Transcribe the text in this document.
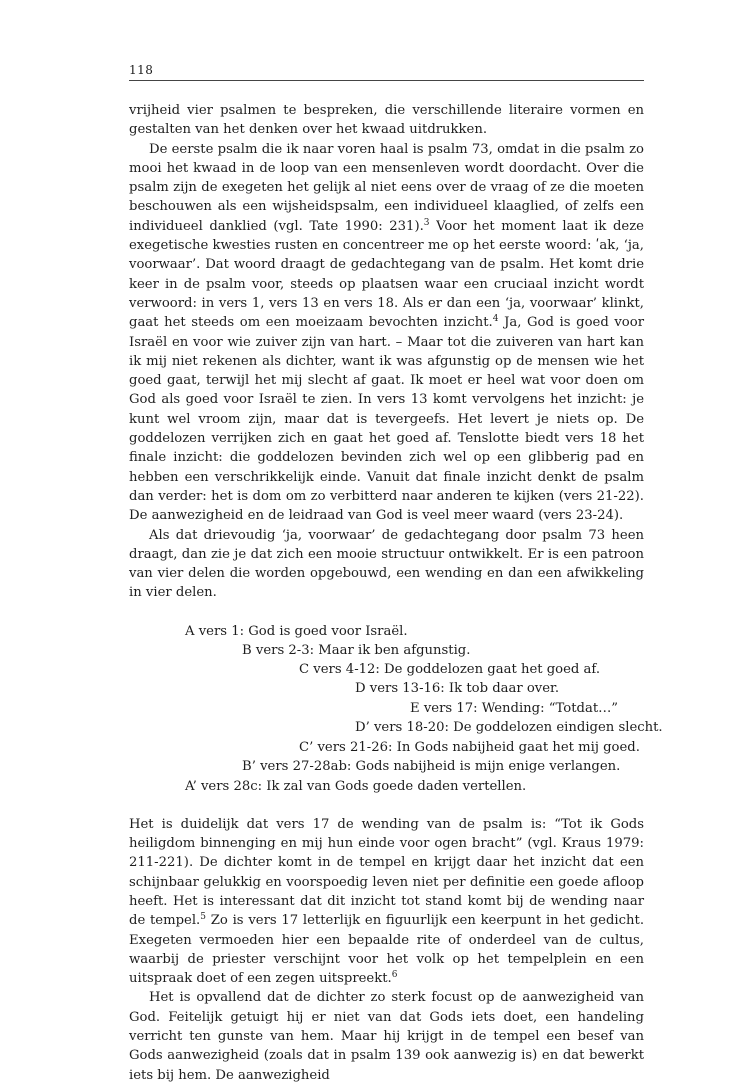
118

vrijheid vier psalmen te bespreken, die verschillende literaire vormen en gestalten van het denken over het kwaad uitdrukken.

De eerste psalm die ik naar voren haal is psalm 73, omdat in die psalm zo mooi het kwaad in de loop van een mensenleven wordt doordacht. Over die psalm zijn de exegeten het gelijk al niet eens over de vraag of ze die moeten beschouwen als een wijsheidspsalm, een individueel klaaglied, of zelfs een individueel danklied (vgl. Tate 1990: 231).$^3$ Voor het moment laat ik deze exegetische kwesties rusten en concentreer me op het eerste woord: ʹak, ‘ja, voorwaar’. Dat woord draagt de gedachtegang van de psalm. Het komt drie keer in de psalm voor, steeds op plaatsen waar een cruciaal inzicht wordt verwoord: in vers 1, vers 13 en vers 18. Als er dan een ‘ja, voorwaar’ klinkt, gaat het steeds om een moeizaam bevochten inzicht.$^4$ Ja, God is goed voor Israël en voor wie zuiver zijn van hart. – Maar tot die zuiveren van hart kan ik mij niet rekenen als dichter, want ik was afgunstig op de mensen wie het goed gaat, terwijl het mij slecht af gaat. Ik moet er heel wat voor doen om God als goed voor Israël te zien. In vers 13 komt vervolgens het inzicht: je kunt wel vroom zijn, maar dat is tevergeefs. Het levert je niets op. De goddelozen verrijken zich en gaat het goed af. Tenslotte biedt vers 18 het finale inzicht: die goddelozen bevinden zich wel op een glibberig pad en hebben een verschrikkelijk einde. Vanuit dat finale inzicht denkt de psalm dan verder: het is dom om zo verbitterd naar anderen te kijken (vers 21-22). De aanwezigheid en de leidraad van God is veel meer waard (vers 23-24).

Als dat drievoudig ‘ja, voorwaar’ de gedachtegang door psalm 73 heen draagt, dan zie je dat zich een mooie structuur ontwikkelt. Er is een patroon van vier delen die worden opgebouwd, een wending en dan een afwikkeling in vier delen.

A vers 1: God is goed voor Israël.
B vers 2-3: Maar ik ben afgunstig.
C vers 4-12: De goddelozen gaat het goed af.
D vers 13-16: Ik tob daar over.
E vers 17: Wending: “Totdat…”
D’ vers 18-20: De goddelozen eindigen slecht.
C’ vers 21-26: In Gods nabijheid gaat het mij goed.
B’ vers 27-28ab: Gods nabijheid is mijn enige verlangen.
A’ vers 28c: Ik zal van Gods goede daden vertellen.

Het is duidelijk dat vers 17 de wending van de psalm is: “Tot ik Gods heiligdom binnenging en mij hun einde voor ogen bracht” (vgl. Kraus 1979: 211-221). De dichter komt in de tempel en krijgt daar het inzicht dat een schijnbaar gelukkig en voorspoedig leven niet per definitie een goede afloop heeft. Het is interessant dat dit inzicht tot stand komt bij de wending naar de tempel.$^5$ Zo is vers 17 letterlijk en figuurlijk een keerpunt in het gedicht. Exegeten vermoeden hier een bepaalde rite of onderdeel van de cultus, waarbij de priester verschijnt voor het volk op het tempelplein en een uitspraak doet of een zegen uitspreekt.$^6$

Het is opvallend dat de dichter zo sterk focust op de aanwezigheid van God. Feitelijk getuigt hij er niet van dat Gods iets doet, een handeling verricht ten gunste van hem. Maar hij krijgt in de tempel een besef van Gods aanwezigheid (zoals dat in psalm 139 ook aanwezig is) en dat bewerkt iets bij hem. De aanwezigheid
